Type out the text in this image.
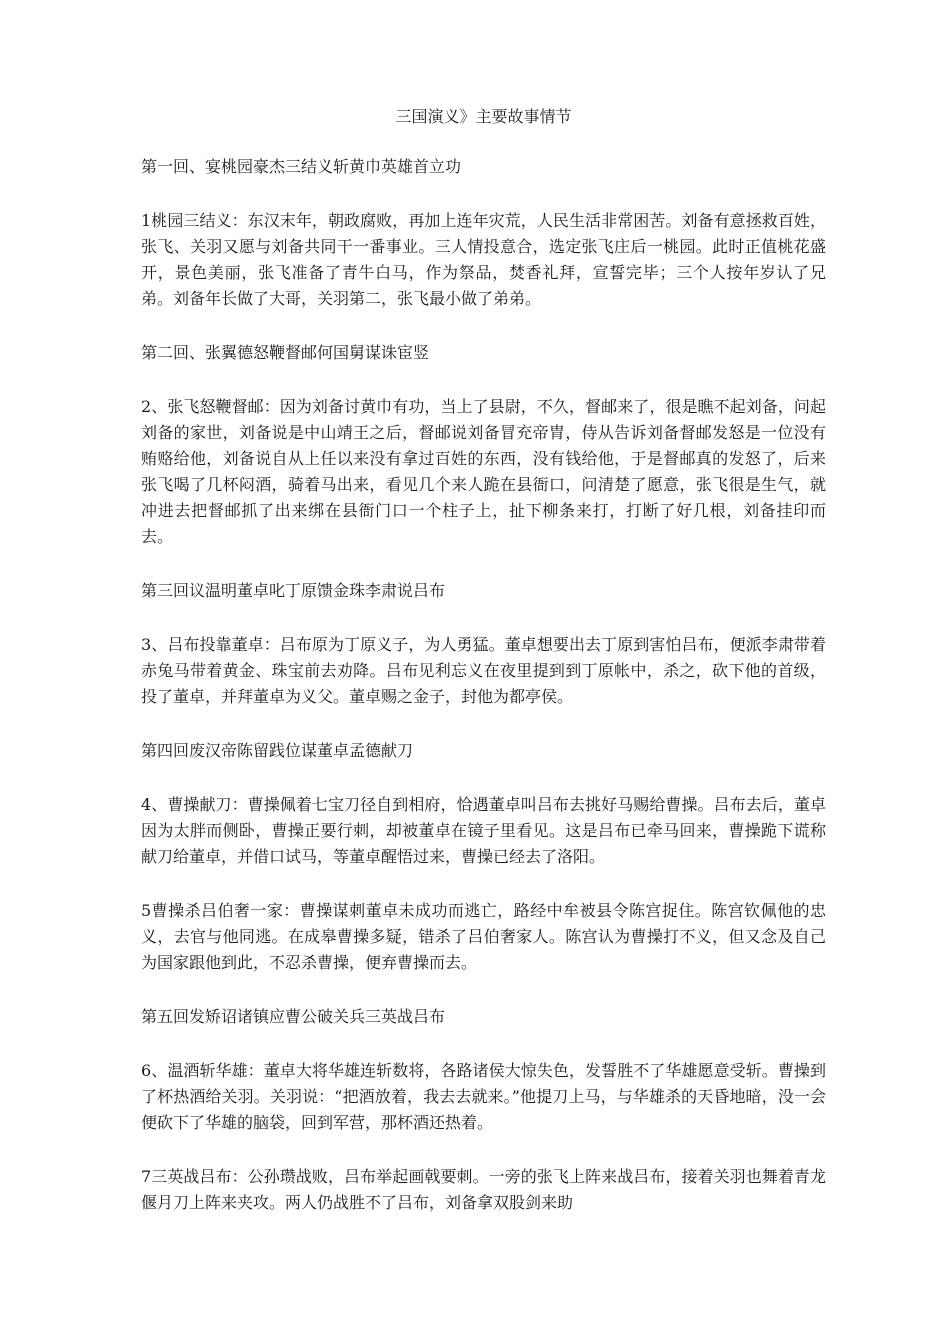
三国演义》主要故事情节
第一回、宴桃园豪杰三结义斩黄巾英雄首立功
1桃园三结义：东汉末年，朝政腐败，再加上连年灾荒，人民生活非常困苦。刘备有意拯救百姓，张飞、关羽又愿与刘备共同干一番事业。三人情投意合，选定张飞庄后一桃园。此时正值桃花盛开，景色美丽，张飞准备了青牛白马，作为祭品，焚香礼拜，宣誓完毕；三个人按年岁认了兄弟。刘备年长做了大哥，关羽第二，张飞最小做了弟弟。
第二回、张翼德怒鞭督邮何国舅谋诛宦竖
2、张飞怒鞭督邮：因为刘备讨黄巾有功，当上了县尉，不久，督邮来了，很是瞧不起刘备，问起刘备的家世，刘备说是中山靖王之后，督邮说刘备冒充帝胄，侍从告诉刘备督邮发怒是一位没有贿赂给他，刘备说自从上任以来没有拿过百姓的东西，没有钱给他，于是督邮真的发怒了，后来张飞喝了几杯闷酒，骑着马出来，看见几个来人跪在县衙口，问清楚了愿意，张飞很是生气，就冲进去把督邮抓了出来绑在县衙门口一个柱子上，扯下柳条来打，打断了好几根，刘备挂印而去。
第三回议温明董卓叱丁原馈金珠李肃说吕布
3、吕布投靠董卓：吕布原为丁原义子，为人勇猛。董卓想要出去丁原到害怕吕布，便派李肃带着赤兔马带着黄金、珠宝前去劝降。吕布见利忘义在夜里提到到丁原帐中，杀之，砍下他的首级，投了董卓，并拜董卓为义父。董卓赐之金子，封他为都亭侯。
第四回废汉帝陈留践位谋董卓孟德献刀
4、曹操献刀：曹操佩着七宝刀径自到相府，恰遇董卓叫吕布去挑好马赐给曹操。吕布去后，董卓因为太胖而侧卧，曹操正要行刺，却被董卓在镜子里看见。这是吕布已牵马回来，曹操跪下谎称献刀给董卓，并借口试马，等董卓醒悟过来，曹操已经去了洛阳。
5曹操杀吕伯奢一家：曹操谋刺董卓未成功而逃亡，路经中牟被县令陈宫捉住。陈宫钦佩他的忠义，去官与他同逃。在成皋曹操多疑，错杀了吕伯奢家人。陈宫认为曹操打不义，但又念及自己为国家跟他到此，不忍杀曹操，便弃曹操而去。
第五回发矫诏诸镇应曹公破关兵三英战吕布
6、温酒斩华雄：董卓大将华雄连斩数将，各路诸侯大惊失色，发誓胜不了华雄愿意受斩。曹操到了杯热酒给关羽。关羽说：“把酒放着，我去去就来。”他提刀上马，与华雄杀的天昏地暗，没一会便砍下了华雄的脑袋，回到军营，那杯酒还热着。
7三英战吕布：公孙瓒战败，吕布举起画戟要刺。一旁的张飞上阵来战吕布，接着关羽也舞着青龙偃月刀上阵来夹攻。两人仍战胜不了吕布，刘备拿双股剑来助
